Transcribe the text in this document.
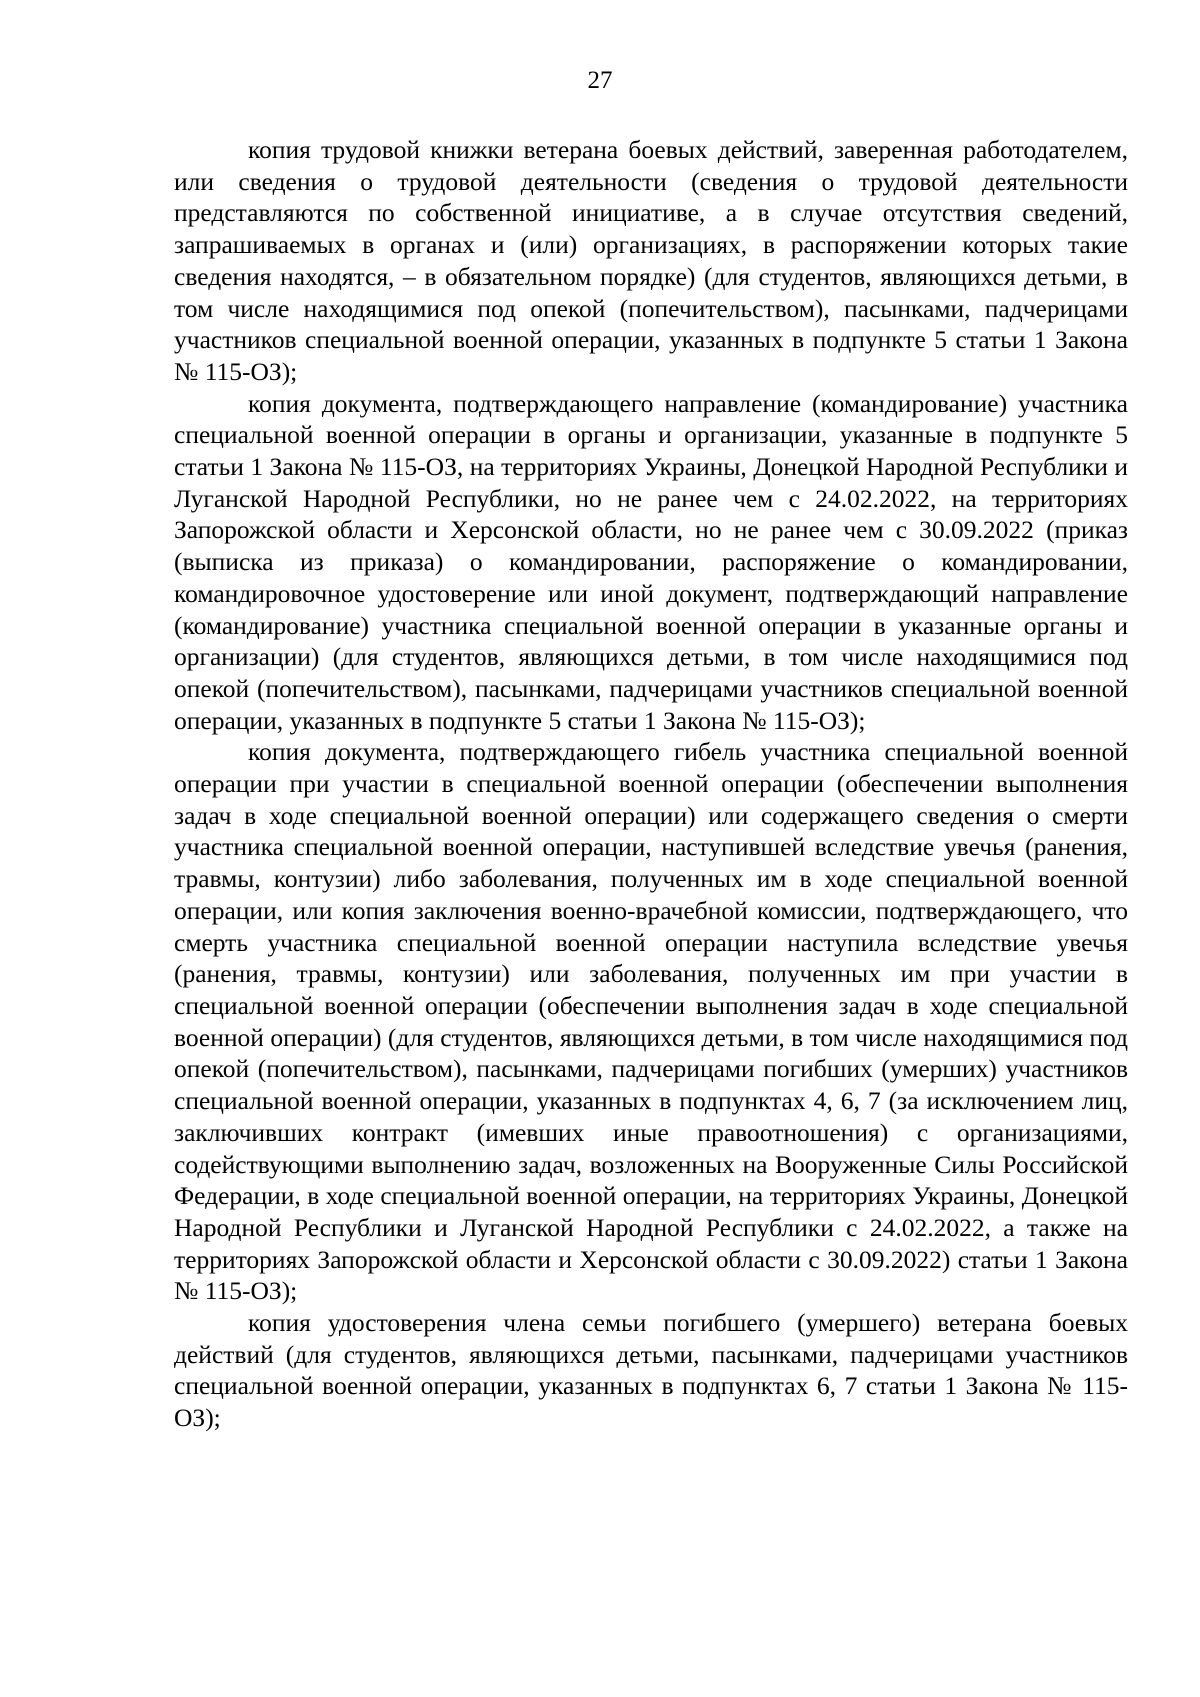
27

копия трудовой книжки ветерана боевых действий, заверенная работодателем, или сведения о трудовой деятельности (сведения о трудовой деятельности представляются по собственной инициативе, а в случае отсутствия сведений, запрашиваемых в органах и (или) организациях, в распоряжении которых такие сведения находятся, – в обязательном порядке) (для студентов, являющихся детьми, в том числе находящимися под опекой (попечительством), пасынками, падчерицами участников специальной военной операции, указанных в подпункте 5 статьи 1 Закона № 115-ОЗ);

копия документа, подтверждающего направление (командирование) участника специальной военной операции в органы и организации, указанные в подпункте 5 статьи 1 Закона № 115-ОЗ, на территориях Украины, Донецкой Народной Республики и Луганской Народной Республики, но не ранее чем с 24.02.2022, на территориях Запорожской области и Херсонской области, но не ранее чем с 30.09.2022 (приказ (выписка из приказа) о командировании, распоряжение о командировании, командировочное удостоверение или иной документ, подтверждающий направление (командирование) участника специальной военной операции в указанные органы и организации) (для студентов, являющихся детьми, в том числе находящимися под опекой (попечительством), пасынками, падчерицами участников специальной военной операции, указанных в подпункте 5 статьи 1 Закона № 115-ОЗ);

копия документа, подтверждающего гибель участника специальной военной операции при участии в специальной военной операции (обеспечении выполнения задач в ходе специальной военной операции) или содержащего сведения о смерти участника специальной военной операции, наступившей вследствие увечья (ранения, травмы, контузии) либо заболевания, полученных им в ходе специальной военной операции, или копия заключения военно-врачебной комиссии, подтверждающего, что смерть участника специальной военной операции наступила вследствие увечья (ранения, травмы, контузии) или заболевания, полученных им при участии в специальной военной операции (обеспечении выполнения задач в ходе специальной военной операции) (для студентов, являющихся детьми, в том числе находящимися под опекой (попечительством), пасынками, падчерицами погибших (умерших) участников специальной военной операции, указанных в подпунктах 4, 6, 7 (за исключением лиц, заключивших контракт (имевших иные правоотношения) с организациями, содействующими выполнению задач, возложенных на Вооруженные Силы Российской Федерации, в ходе специальной военной операции, на территориях Украины, Донецкой Народной Республики и Луганской Народной Республики с 24.02.2022, а также на территориях Запорожской области и Херсонской области с 30.09.2022) статьи 1 Закона № 115-ОЗ);

копия удостоверения члена семьи погибшего (умершего) ветерана боевых действий (для студентов, являющихся детьми, пасынками, падчерицами участников специальной военной операции, указанных в подпунктах 6, 7 статьи 1 Закона № 115-ОЗ);
